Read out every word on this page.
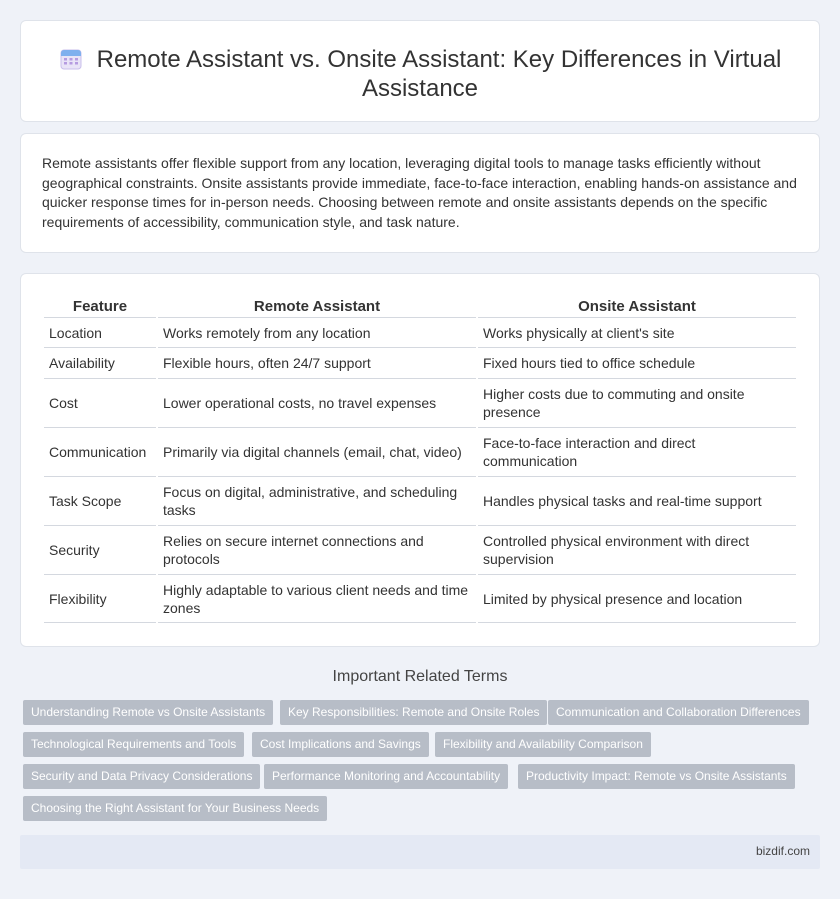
Remote Assistant vs. Onsite Assistant: Key Differences in Virtual Assistance

Remote assistants offer flexible support from any location, leveraging digital tools to manage tasks efficiently without geographical constraints. Onsite assistants provide immediate, face-to-face interaction, enabling hands-on assistance and quicker response times for in-person needs. Choosing between remote and onsite assistants depends on the specific requirements of accessibility, communication style, and task nature.

Feature	Remote Assistant	Onsite Assistant
Location	Works remotely from any location	Works physically at client's site
Availability	Flexible hours, often 24/7 support	Fixed hours tied to office schedule
Cost	Lower operational costs, no travel expenses	Higher costs due to commuting and onsite presence
Communication	Primarily via digital channels (email, chat, video)	Face-to-face interaction and direct communication
Task Scope	Focus on digital, administrative, and scheduling tasks	Handles physical tasks and real-time support
Security	Relies on secure internet connections and protocols	Controlled physical environment with direct supervision
Flexibility	Highly adaptable to various client needs and time zones	Limited by physical presence and location
Important Related Terms
Understanding Remote vs Onsite Assistants	Key Responsibilities: Remote and Onsite Roles	Communication and Collaboration Differences
Technological Requirements and Tools	Cost Implications and Savings	Flexibility and Availability Comparison
Security and Data Privacy Considerations	Performance Monitoring and Accountability	Productivity Impact: Remote vs Onsite Assistants
Choosing the Right Assistant for Your Business Needs
bizdif.com
